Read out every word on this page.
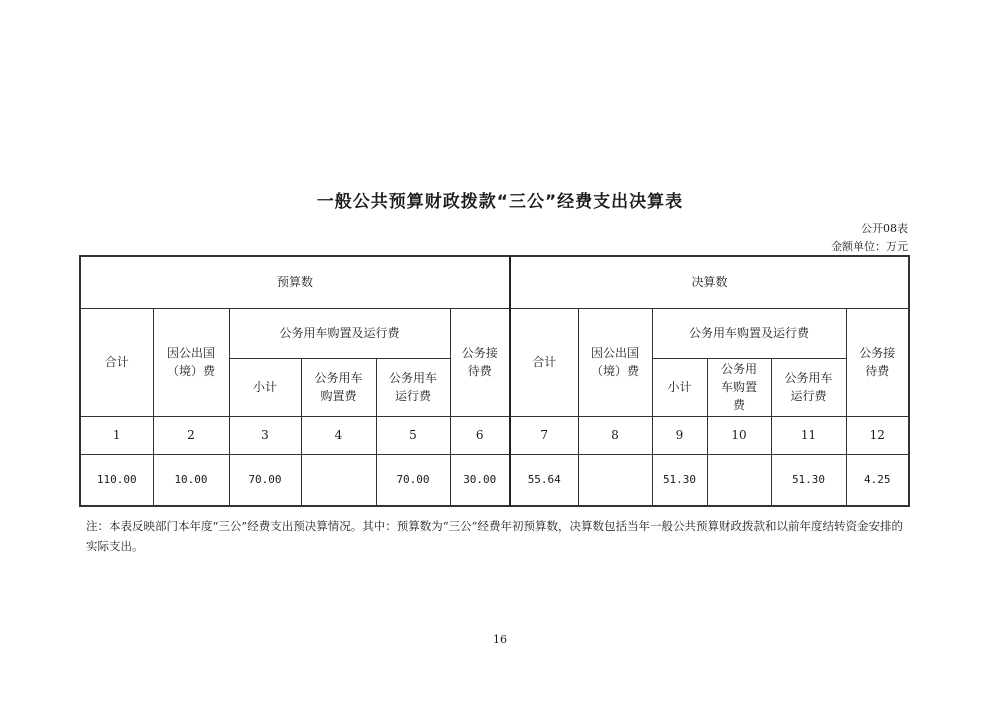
一般公共预算财政拨款“三公”经费支出决算表
公开08表
金额单位：万元
预算数						决算数					
合计	因公出国（境）费	公务用车购置及运行费			公务接待费	合计	因公出国（境）费	公务用车购置及运行费			公务接待费
		小计	公务用车购置费	公务用车运行费				小计	公务用车购置费	公务用车运行费	
1	2	3	4	5	6	7	8	9	10	11	12
110.00	10.00	70.00		70.00	30.00	55.64		51.30		51.30	4.25

注：本表反映部门本年度“三公”经费支出预决算情况。其中：预算数为“三公”经费年初预算数，决算数包括当年一般公共预算财政拨款和以前年度结转资金安排的实际支出。

16
